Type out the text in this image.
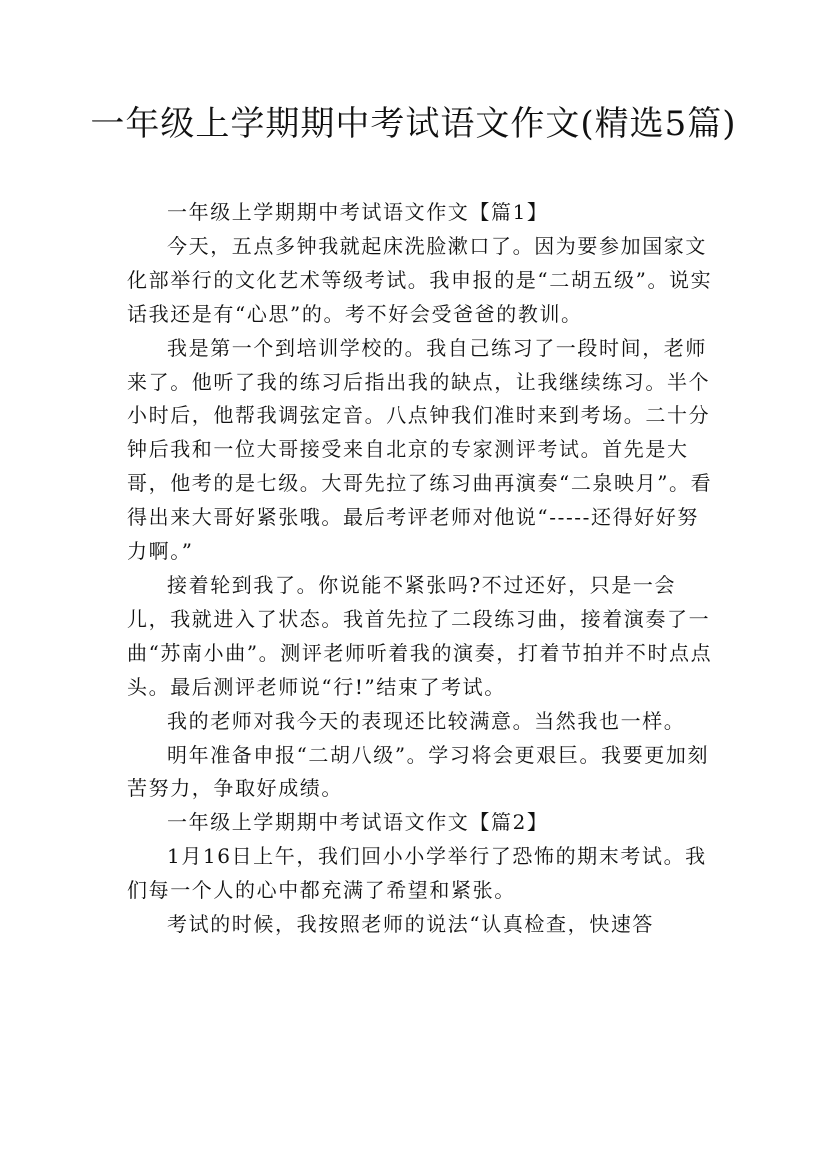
一年级上学期期中考试语文作文(精选5篇)

一年级上学期期中考试语文作文【篇1】

今天，五点多钟我就起床洗脸漱口了。因为要参加国家文化部举行的文化艺术等级考试。我申报的是“二胡五级”。说实话我还是有“心思”的。考不好会受爸爸的教训。

我是第一个到培训学校的。我自己练习了一段时间，老师来了。他听了我的练习后指出我的缺点，让我继续练习。半个小时后，他帮我调弦定音。八点钟我们准时来到考场。二十分钟后我和一位大哥接受来自北京的专家测评考试。首先是大哥，他考的是七级。大哥先拉了练习曲再演奏“二泉映月”。看得出来大哥好紧张哦。最后考评老师对他说“-----还得好好努力啊。”

接着轮到我了。你说能不紧张吗?不过还好，只是一会儿，我就进入了状态。我首先拉了二段练习曲，接着演奏了一曲“苏南小曲”。测评老师听着我的演奏，打着节拍并不时点点头。最后测评老师说“行!”结束了考试。

我的老师对我今天的表现还比较满意。当然我也一样。

明年准备申报“二胡八级”。学习将会更艰巨。我要更加刻苦努力，争取好成绩。

一年级上学期期中考试语文作文【篇2】

1月16日上午，我们回小小学举行了恐怖的期末考试。我们每一个人的心中都充满了希望和紧张。

考试的时候，我按照老师的说法“认真检查，快速答
